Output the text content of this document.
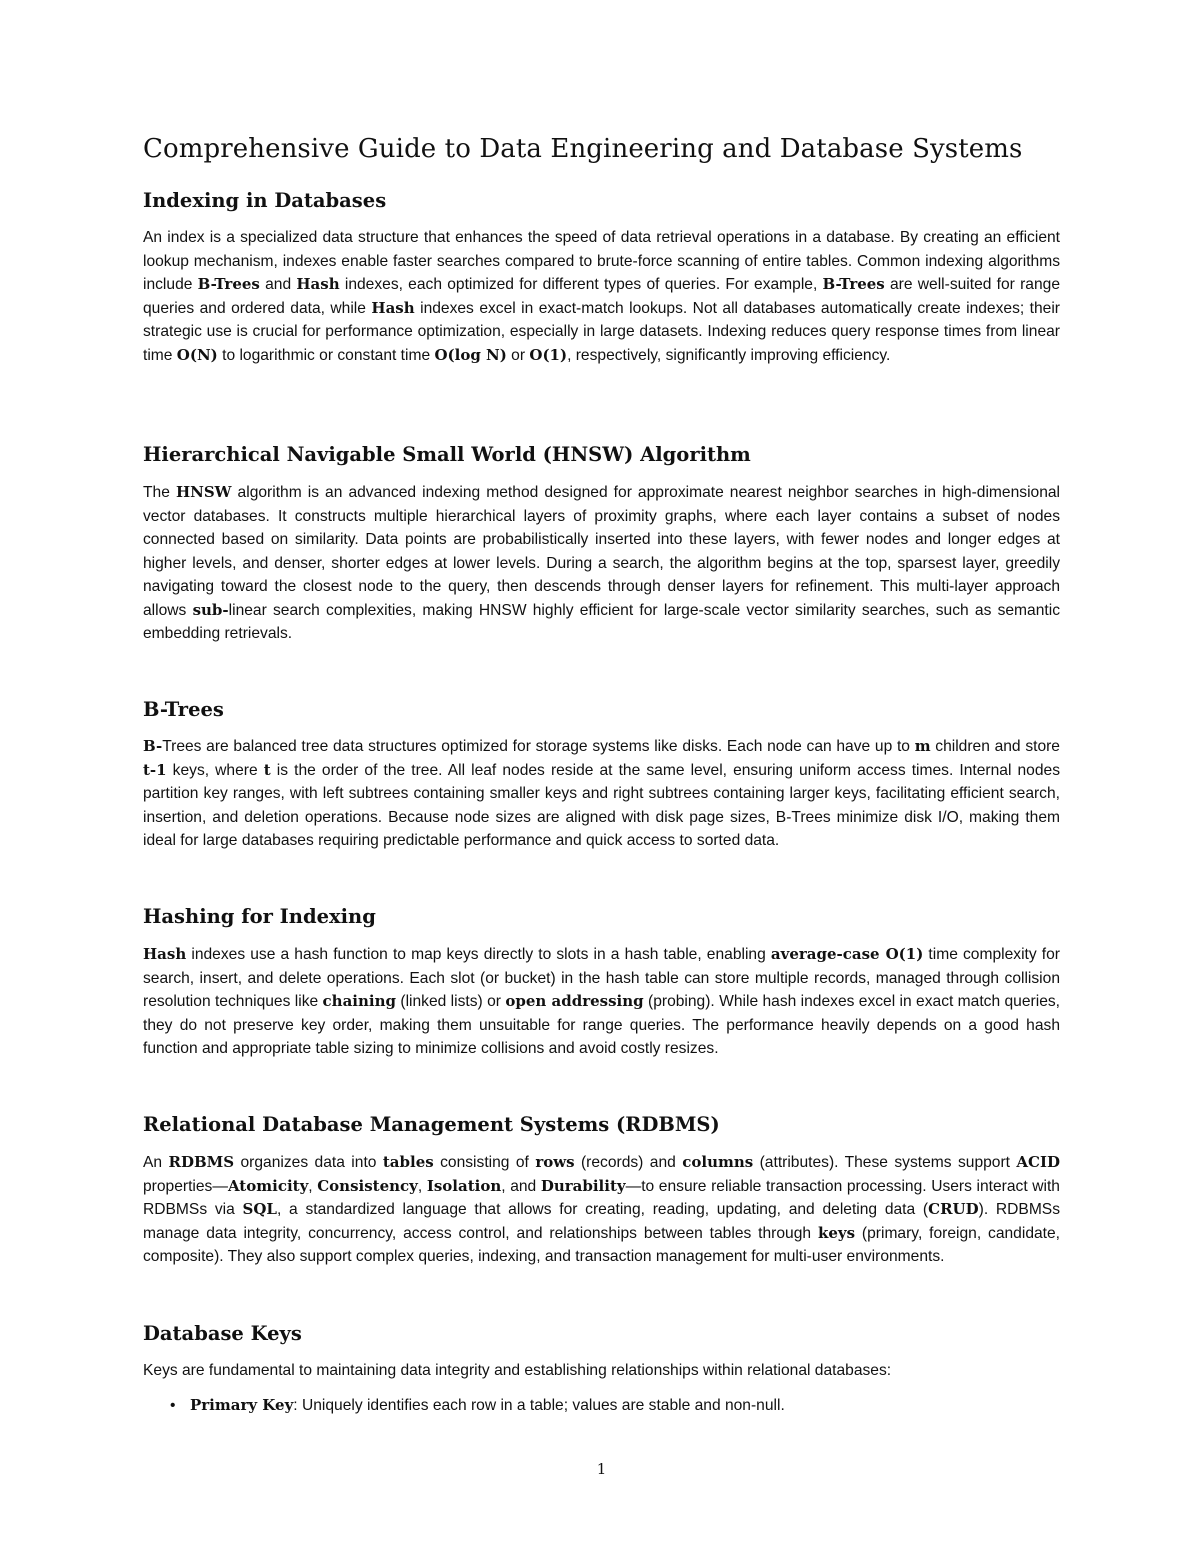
Comprehensive Guide to Data Engineering and Database Systems
Indexing in Databases

An index is a specialized data structure that enhances the speed of data retrieval operations in a database. By creating an efficient lookup mechanism, indexes enable faster searches compared to brute-force scanning of entire tables. Common indexing algorithms include B-Trees and Hash indexes, each optimized for different types of queries. For example, B-Trees are well-suited for range queries and ordered data, while Hash indexes excel in exact-match lookups. Not all databases automatically create indexes; their strategic use is crucial for performance optimization, especially in large datasets. Indexing reduces query response times from linear time O(N) to logarithmic or constant time O(log N) or O(1), respectively, significantly improving efficiency.

Hierarchical Navigable Small World (HNSW) Algorithm

The HNSW algorithm is an advanced indexing method designed for approximate nearest neighbor searches in high-dimensional vector databases. It constructs multiple hierarchical layers of proximity graphs, where each layer contains a subset of nodes connected based on similarity. Data points are probabilistically inserted into these layers, with fewer nodes and longer edges at higher levels, and denser, shorter edges at lower levels. During a search, the algorithm begins at the top, sparsest layer, greedily navigating toward the closest node to the query, then descends through denser layers for refinement. This multi-layer approach allows sub-linear search complexities, making HNSW highly efficient for large-scale vector similarity searches, such as semantic embedding retrievals.

B-Trees

B-Trees are balanced tree data structures optimized for storage systems like disks. Each node can have up to m children and store t-1 keys, where t is the order of the tree. All leaf nodes reside at the same level, ensuring uniform access times. Internal nodes partition key ranges, with left subtrees containing smaller keys and right subtrees containing larger keys, facilitating efficient search, insertion, and deletion operations. Because node sizes are aligned with disk page sizes, B-Trees minimize disk I/O, making them ideal for large databases requiring predictable performance and quick access to sorted data.

Hashing for Indexing

Hash indexes use a hash function to map keys directly to slots in a hash table, enabling average-case O(1) time complexity for search, insert, and delete operations. Each slot (or bucket) in the hash table can store multiple records, managed through collision resolution techniques like chaining (linked lists) or open addressing (probing). While hash indexes excel in exact match queries, they do not preserve key order, making them unsuitable for range queries. The performance heavily depends on a good hash function and appropriate table sizing to minimize collisions and avoid costly resizes.

Relational Database Management Systems (RDBMS)

An RDBMS organizes data into tables consisting of rows (records) and columns (attributes). These systems support ACID properties—Atomicity, Consistency, Isolation, and Durability—to ensure reliable transaction processing. Users interact with RDBMSs via SQL, a standardized language that allows for creating, reading, updating, and deleting data (CRUD). RDBMSs manage data integrity, concurrency, access control, and relationships between tables through keys (primary, foreign, candidate, composite). They also support complex queries, indexing, and transaction management for multi-user environments.

Database Keys

Keys are fundamental to maintaining data integrity and establishing relationships within relational databases:

• Primary Key: Uniquely identifies each row in a table; values are stable and non-null.
1
